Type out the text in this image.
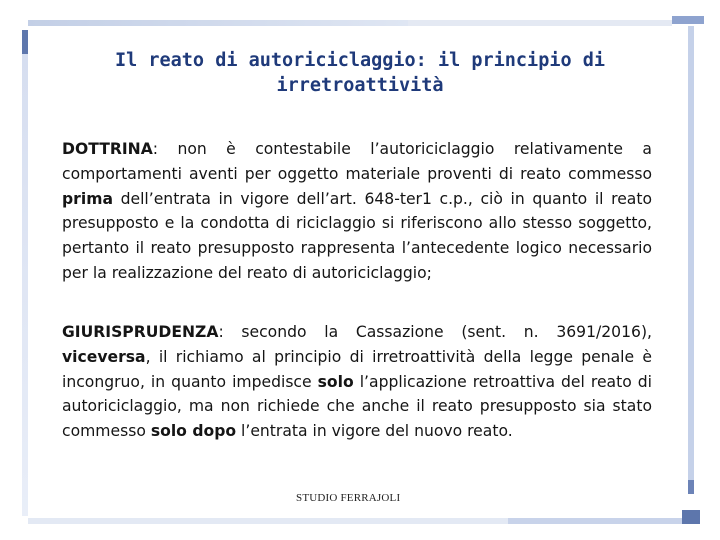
Il reato di autoriciclaggio: il principio di irretroattività
DOTTRINA: non è contestabile l’autoriciclaggio relativamente a comportamenti aventi per oggetto materiale proventi di reato commesso prima dell’entrata in vigore dell’art. 648-ter1 c.p., ciò in quanto il reato presupposto e la condotta di riciclaggio si riferiscono allo stesso soggetto, pertanto il reato presupposto rappresenta l’antecedente logico necessario per la realizzazione del reato di autoriciclaggio;
GIURISPRUDENZA: secondo la Cassazione (sent. n. 3691/2016), viceversa, il richiamo al principio di irretroattività della legge penale è incongruo, in quanto impedisce solo l’applicazione retroattiva del reato di autoriciclaggio, ma non richiede che anche il reato presupposto sia stato commesso solo dopo l’entrata in vigore del nuovo reato.
STUDIO FERRAJOLI
